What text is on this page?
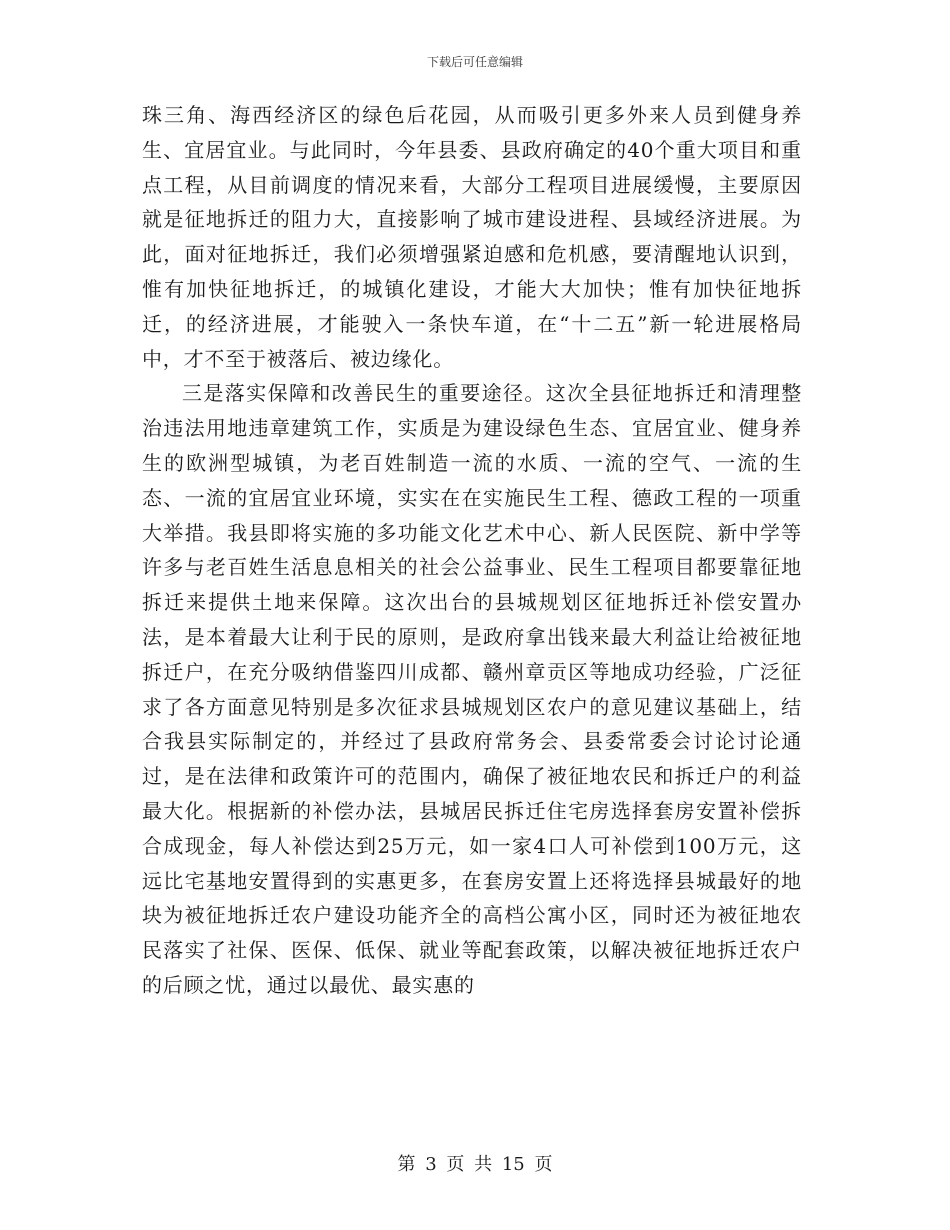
下载后可任意编辑

珠三角、海西经济区的绿色后花园，从而吸引更多外来人员到健身养生、宜居宜业。与此同时，今年县委、县政府确定的40个重大项目和重点工程，从目前调度的情况来看，大部分工程项目进展缓慢，主要原因就是征地拆迁的阻力大，直接影响了城市建设进程、县域经济进展。为此，面对征地拆迁，我们必须增强紧迫感和危机感，要清醒地认识到，惟有加快征地拆迁，的城镇化建设，才能大大加快；惟有加快征地拆迁，的经济进展，才能驶入一条快车道，在“十二五”新一轮进展格局中，才不至于被落后、被边缘化。

三是落实保障和改善民生的重要途径。这次全县征地拆迁和清理整治违法用地违章建筑工作，实质是为建设绿色生态、宜居宜业、健身养生的欧洲型城镇，为老百姓制造一流的水质、一流的空气、一流的生态、一流的宜居宜业环境，实实在在实施民生工程、德政工程的一项重大举措。我县即将实施的多功能文化艺术中心、新人民医院、新中学等许多与老百姓生活息息相关的社会公益事业、民生工程项目都要靠征地拆迁来提供土地来保障。这次出台的县城规划区征地拆迁补偿安置办法，是本着最大让利于民的原则，是政府拿出钱来最大利益让给被征地拆迁户，在充分吸纳借鉴四川成都、赣州章贡区等地成功经验，广泛征求了各方面意见特别是多次征求县城规划区农户的意见建议基础上，结合我县实际制定的，并经过了县政府常务会、县委常委会讨论讨论通过，是在法律和政策许可的范围内，确保了被征地农民和拆迁户的利益最大化。根据新的补偿办法，县城居民拆迁住宅房选择套房安置补偿拆合成现金，每人补偿达到25万元，如一家4口人可补偿到100万元，这远比宅基地安置得到的实惠更多，在套房安置上还将选择县城最好的地块为被征地拆迁农户建设功能齐全的高档公寓小区，同时还为被征地农民落实了社保、医保、低保、就业等配套政策，以解决被征地拆迁农户的后顾之忧，通过以最优、最实惠的

第 3 页 共 15 页
